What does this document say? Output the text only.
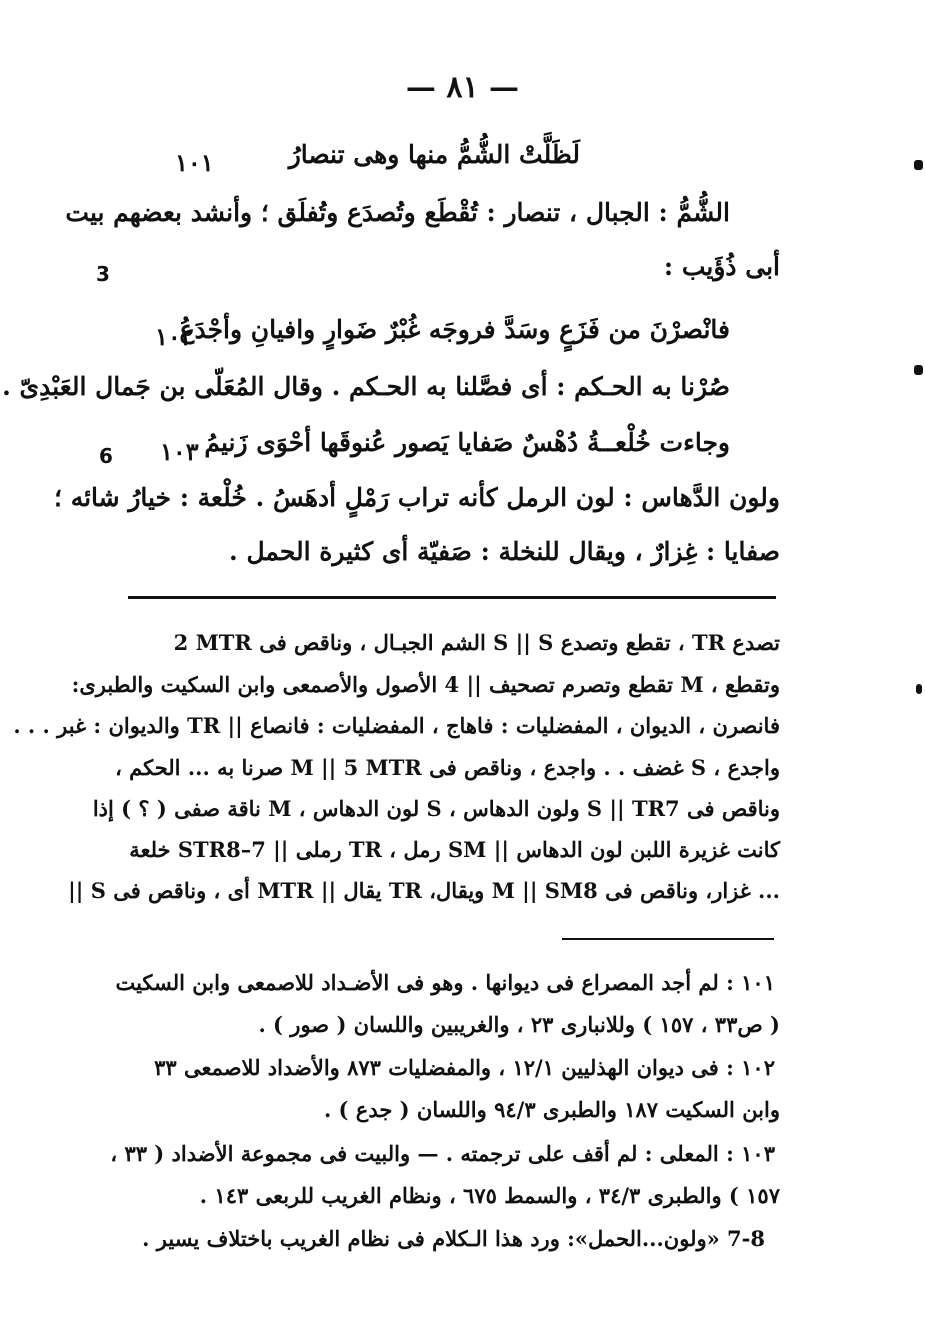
— ٨١ —
لَظَلَّتْ الشُّمُّ منها وهى تنصارُ
١٠١
الشُّمُّ : الجبال ، تنصار : تُقْطَع وتُصدَع وتُفلَق ؛ وأنشد بعضهم بيت
أبى ذُؤَيب :
3
فانْصرْنَ من فَزَعٍ وسَدَّ فروجَه غُبْرٌ ضَوارٍ وافيانِ وأجْدَعُ
١٠٢
صُرْنا به الحـكم : أى فصَّلنا به الحـكم . وقال المُعَلّى بن جَمال العَبْدِىّ .
وجاءت خُلْعــةُ دُهْسٌ صَفايا يَصور عُنوقَها أحْوَى زَنيمُ
١٠٣
6
ولون الدَّهاس : لون الرمل كأنه تراب رَمْلٍ أدهَسُ . خُلْعة : خيارُ شائه ؛
صفايا : غِزارٌ ، ويقال للنخلة : صَفيّة أى كثيرة الحمل .
2 MTR الشم الجبـال ، وناقص فى S || S تقطع وتصدع ، TR تصدع
وتقطع ، M تقطع وتصرم تصحيف || 4 الأصول والأصمعى وابن السكيت والطبرى:
فانصرن ، الديوان ، المفضليات : فاهاج ، المفضليات : فانصاع || TR والديوان : غبر . . .
واجدع ، S غضف . . واجدع ، وناقص فى M || 5 MTR صرنا به ... الحكم ،
وناقص فى S || TR7 ولون الدهاس ، S لون الدهاس ، M ناقة صفى ( ؟ ) إذا
كانت غزيرة اللبن لون الدهاس || SM رمل ، TR رملى || 7–STR8 خلعة
... غزار، وناقص فى M || SM8 ويقال، TR يقال || MTR أى ، وناقص فى S ||
١٠١ : لم أجد المصراع فى ديوانها . وهو فى الأضـداد للاصمعى وابن السكيت
( ص٣٣ ، ١٥٧ ) وللانبارى ٢٣ ، والغريبين واللسان ( صور ) .
١٠٢ : فى ديوان الهذليين ١٢/١ ، والمفضليات ٨٧٣ والأضداد للاصمعى ٣٣
وابن السكيت ١٨٧ والطبرى ٩٤/٣ واللسان ( جدع ) .
١٠٣ : المعلى : لم أقف على ترجمته . — والبيت فى مجموعة الأضداد ( ٣٣ ،
١٥٧ ) والطبرى ٣٤/٣ ، والسمط ٦٧٥ ، ونظام الغريب للربعى ١٤٣ .
7-8 «ولون...الحمل»: ورد هذا الـكلام فى نظام الغريب باختلاف يسير .
